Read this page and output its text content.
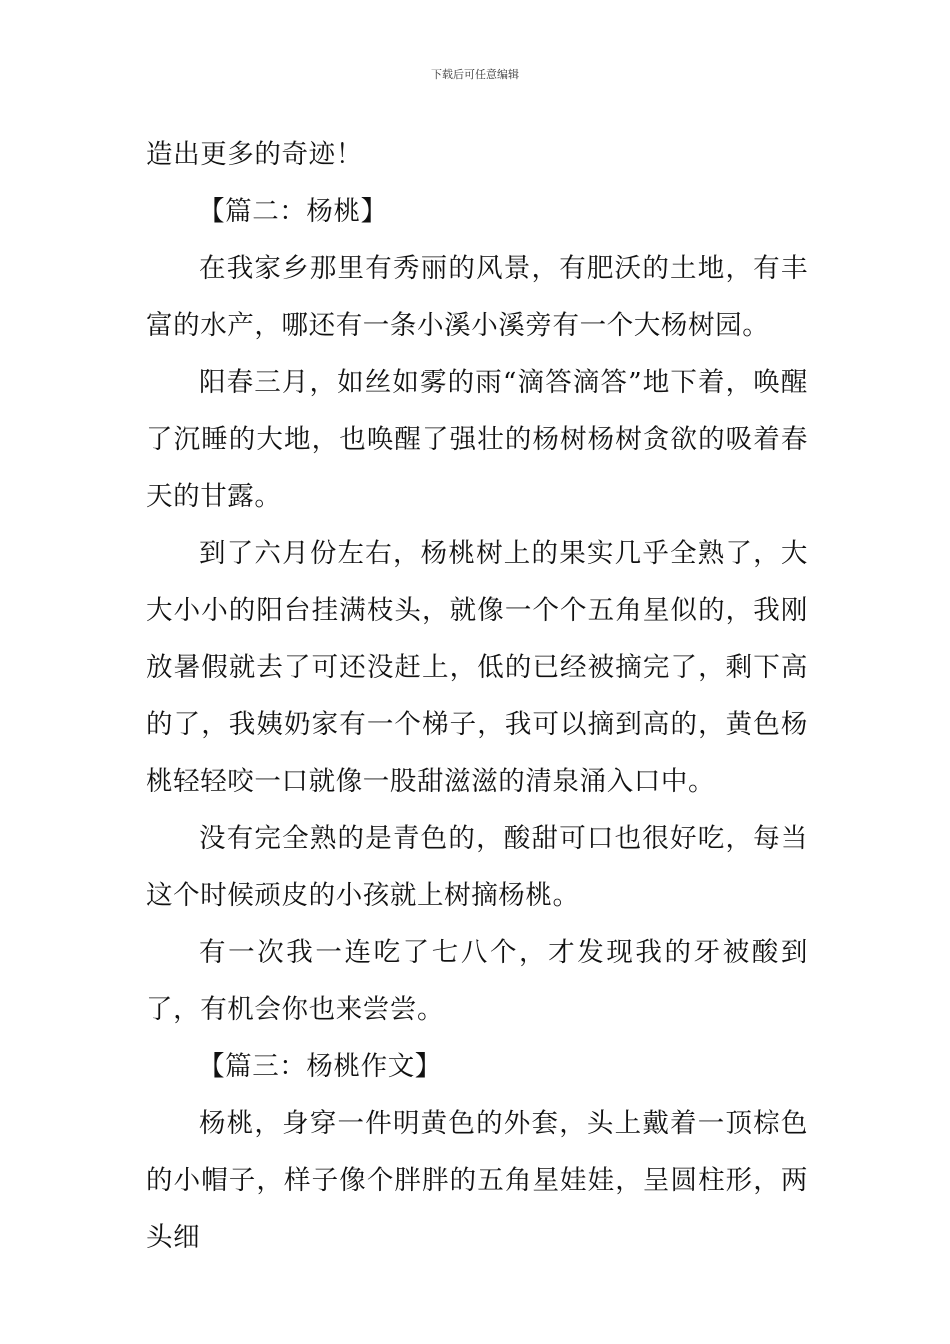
下载后可任意编辑

造出更多的奇迹！

【篇二：杨桃】

在我家乡那里有秀丽的风景，有肥沃的土地，有丰富的水产，哪还有一条小溪小溪旁有一个大杨树园。

阳春三月，如丝如雾的雨“滴答滴答”地下着，唤醒了沉睡的大地，也唤醒了强壮的杨树杨树贪欲的吸着春天的甘露。

到了六月份左右，杨桃树上的果实几乎全熟了，大大小小的阳台挂满枝头，就像一个个五角星似的，我刚放暑假就去了可还没赶上，低的已经被摘完了，剩下高的了，我姨奶家有一个梯子，我可以摘到高的，黄色杨桃轻轻咬一口就像一股甜滋滋的清泉涌入口中。

没有完全熟的是青色的，酸甜可口也很好吃，每当这个时候顽皮的小孩就上树摘杨桃。

有一次我一连吃了七八个，才发现我的牙被酸到了，有机会你也来尝尝。

【篇三：杨桃作文】

杨桃，身穿一件明黄色的外套，头上戴着一顶棕色的小帽子，样子像个胖胖的五角星娃娃，呈圆柱形，两头细
